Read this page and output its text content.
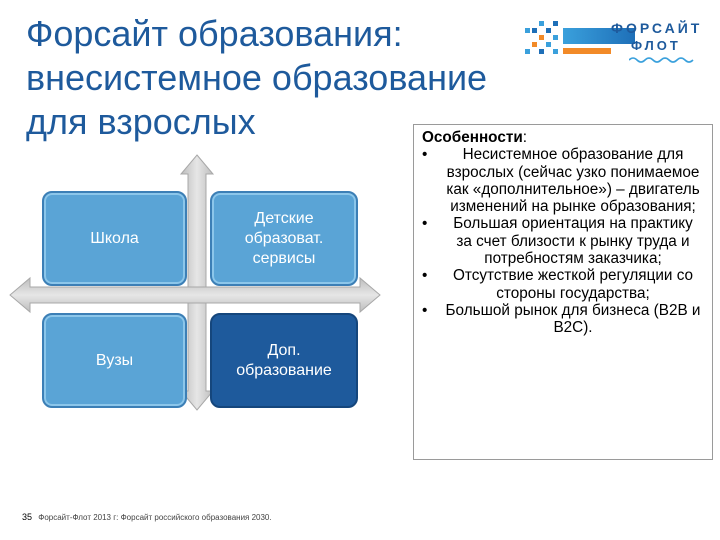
Форсайт образования:
внесистемное образование
для взрослых
ФОРСАЙТ
ФЛОТ
Школа
Детские образоват. сервисы
Вузы
Доп. образование
Особенности:
• Несистемное образование для взрослых (сейчас узко понимаемое как «дополнительное») – двигатель изменений на рынке образования;
• Большая ориентация на практику за счет близости к рынку труда и потребностям заказчика;
• Отсутствие жесткой регуляции со стороны государства;
• Большой рынок для бизнеса (B2B и B2C).
35 Форсайт-Флот 2013 г: Форсайт российского образования 2030.
